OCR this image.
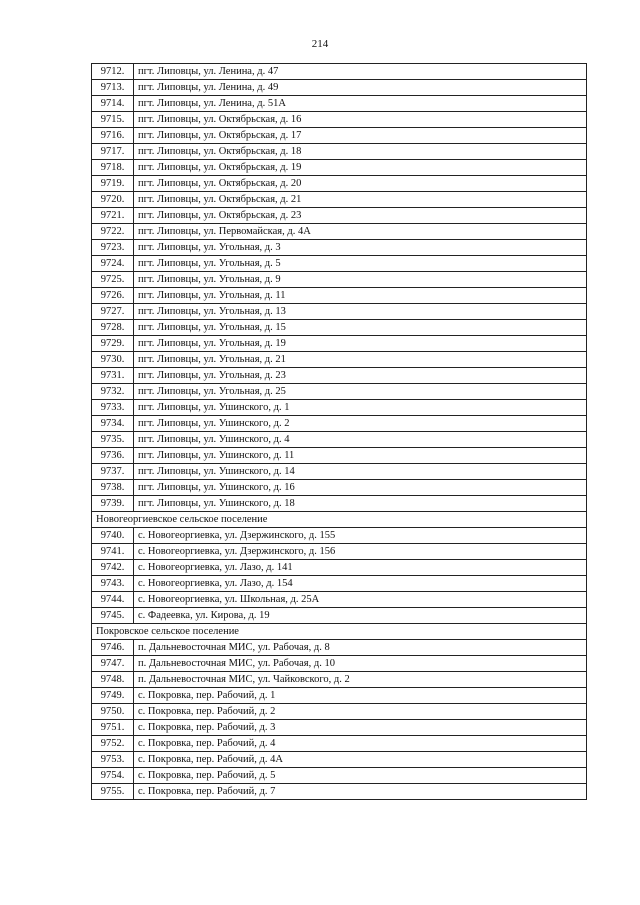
214
9712.	пгт. Липовцы, ул. Ленина, д. 47
9713.	пгт. Липовцы, ул. Ленина, д. 49
9714.	пгт. Липовцы, ул. Ленина, д. 51А
9715.	пгт. Липовцы, ул. Октябрьская, д. 16
9716.	пгт. Липовцы, ул. Октябрьская, д. 17
9717.	пгт. Липовцы, ул. Октябрьская, д. 18
9718.	пгт. Липовцы, ул. Октябрьская, д. 19
9719.	пгт. Липовцы, ул. Октябрьская, д. 20
9720.	пгт. Липовцы, ул. Октябрьская, д. 21
9721.	пгт. Липовцы, ул. Октябрьская, д. 23
9722.	пгт. Липовцы, ул. Первомайская, д. 4А
9723.	пгт. Липовцы, ул. Угольная, д. 3
9724.	пгт. Липовцы, ул. Угольная, д. 5
9725.	пгт. Липовцы, ул. Угольная, д. 9
9726.	пгт. Липовцы, ул. Угольная, д. 11
9727.	пгт. Липовцы, ул. Угольная, д. 13
9728.	пгт. Липовцы, ул. Угольная, д. 15
9729.	пгт. Липовцы, ул. Угольная, д. 19
9730.	пгт. Липовцы, ул. Угольная, д. 21
9731.	пгт. Липовцы, ул. Угольная, д. 23
9732.	пгт. Липовцы, ул. Угольная, д. 25
9733.	пгт. Липовцы, ул. Ушинского, д. 1
9734.	пгт. Липовцы, ул. Ушинского, д. 2
9735.	пгт. Липовцы, ул. Ушинского, д. 4
9736.	пгт. Липовцы, ул. Ушинского, д. 11
9737.	пгт. Липовцы, ул. Ушинского, д. 14
9738.	пгт. Липовцы, ул. Ушинского, д. 16
9739.	пгт. Липовцы, ул. Ушинского, д. 18
Новогеоргиевское сельское поселение	
9740.	с. Новогеоргиевка, ул. Дзержинского, д. 155
9741.	с. Новогеоргиевка, ул. Дзержинского, д. 156
9742.	с. Новогеоргиевка, ул. Лазо, д. 141
9743.	с. Новогеоргиевка, ул. Лазо, д. 154
9744.	с. Новогеоргиевка, ул. Школьная, д. 25А
9745.	с. Фадеевка, ул. Кирова, д. 19
Покровское сельское поселение	
9746.	п. Дальневосточная МИС, ул. Рабочая, д. 8
9747.	п. Дальневосточная МИС, ул. Рабочая, д. 10
9748.	п. Дальневосточная МИС, ул. Чайковского, д. 2
9749.	с. Покровка, пер. Рабочий, д. 1
9750.	с. Покровка, пер. Рабочий, д. 2
9751.	с. Покровка, пер. Рабочий, д. 3
9752.	с. Покровка, пер. Рабочий, д. 4
9753.	с. Покровка, пер. Рабочий, д. 4А
9754.	с. Покровка, пер. Рабочий, д. 5
9755.	с. Покровка, пер. Рабочий, д. 7
